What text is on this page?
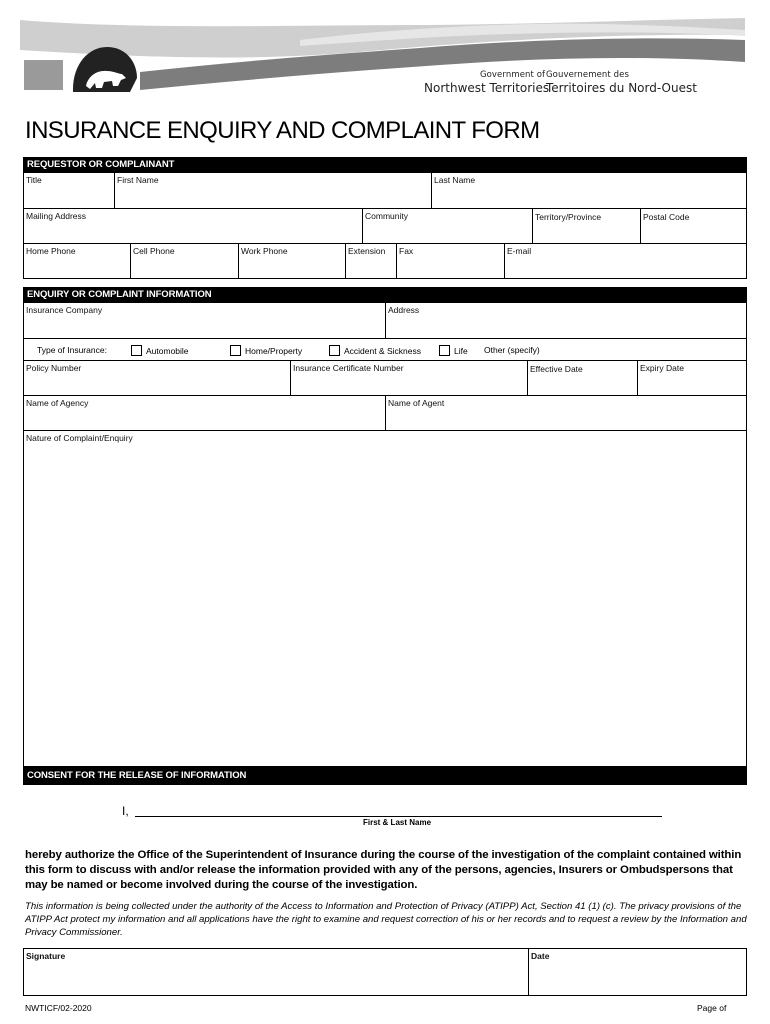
Government of
Northwest Territories
Gouvernement des
Territoires du Nord-Ouest
INSURANCE ENQUIRY AND COMPLAINT FORM
REQUESTOR OR COMPLAINANT
Title	First Name	Last Name
Mailing Address	Community	Territory/Province	Postal Code
Home Phone	Cell Phone	Work Phone	Extension	Fax	E-mail
ENQUIRY OR COMPLAINT INFORMATION
Insurance Company	Address
Type of Insurance:	Automobile	Home/Property	Accident & Sickness	Life Other (specify)
Policy Number	Insurance Certificate Number	Effective Date	Expiry Date
Name of Agency	Name of Agent
Nature of Complaint/Enquiry
CONSENT FOR THE RELEASE OF INFORMATION
I,
First & Last Name
hereby authorize the Office of the Superintendent of Insurance during the course of the investigation of the complaint contained within this form to discuss with and/or release the information provided with any of the persons, agencies, Insurers or Ombudspersons that may be named or become involved during the course of the investigation.
This information is being collected under the authority of the Access to Information and Protection of Privacy (ATIPP) Act, Section 41 (1) (c). The privacy provisions of the ATIPP Act protect my information and all applications have the right to examine and request correction of his or her records and to request a review by the Information and Privacy Commissioner.
Signature	Date
NWTICF/02-2020	Page of
